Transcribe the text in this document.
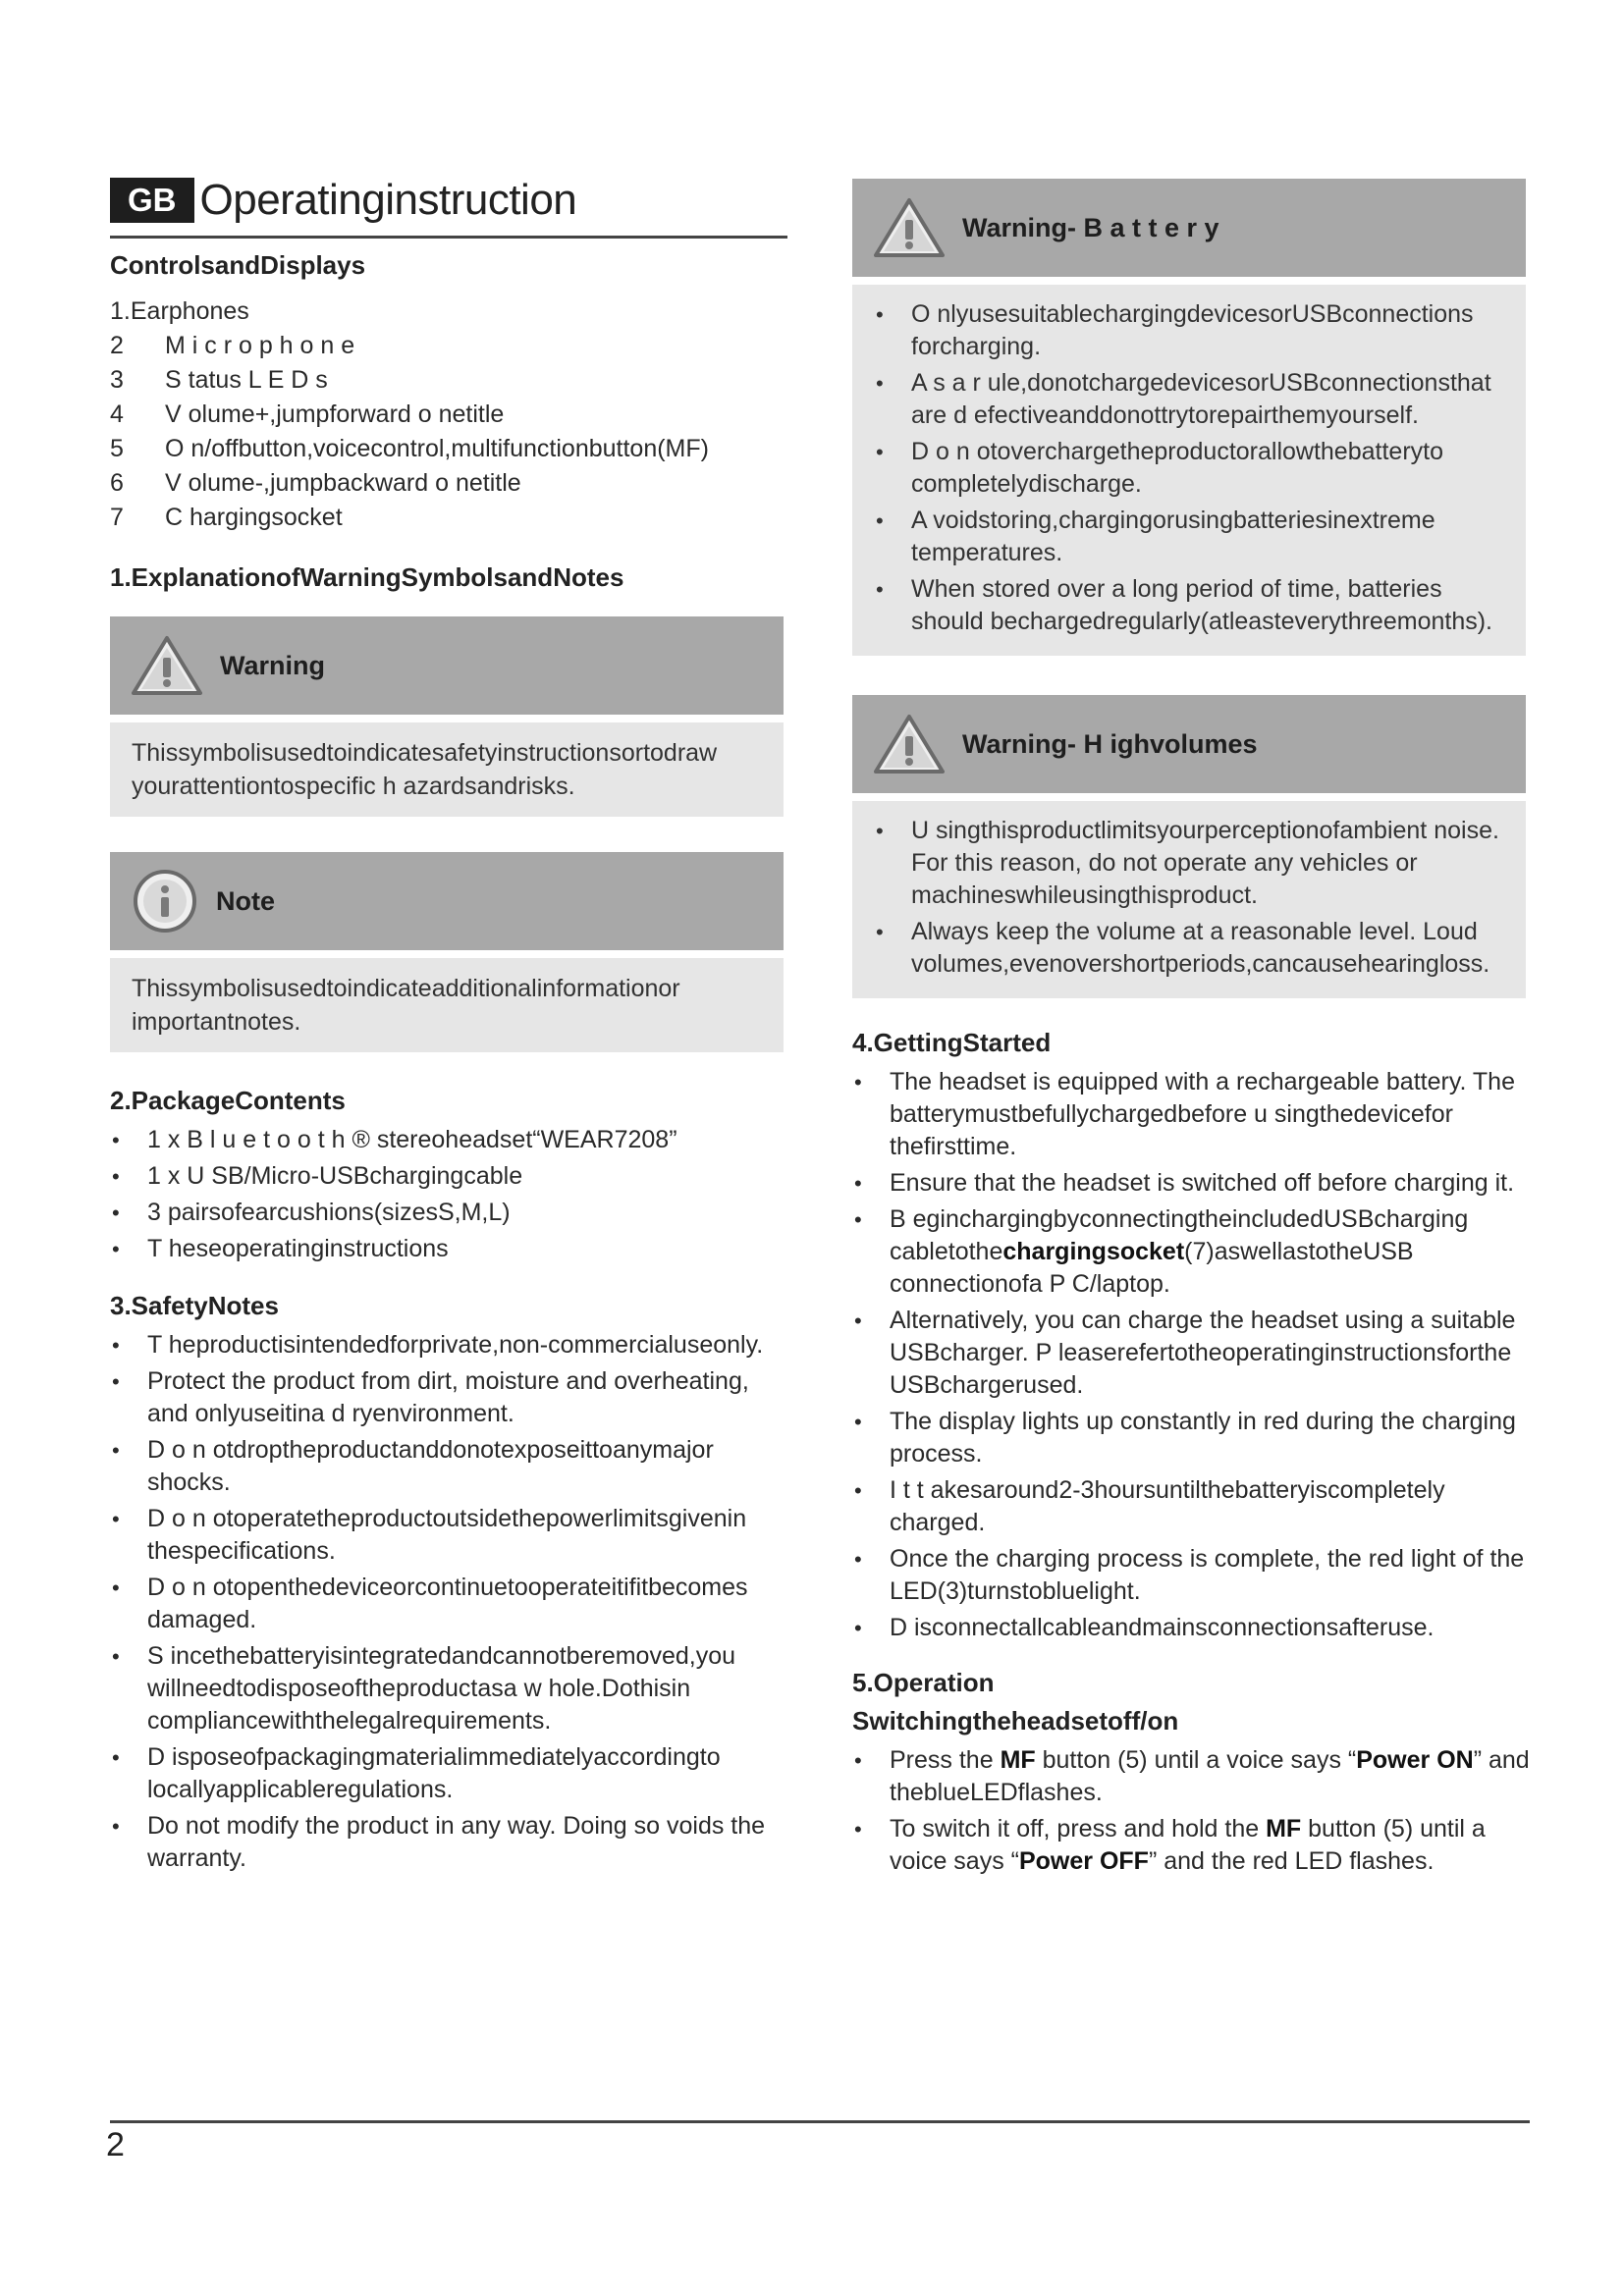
GB Operatinginstruction
ControlsandDisplays
1. Earphones
2	M i c r o p h o n e
3	S tatus L E D s
4	V olume+,jumpforward o netitle
5	O n/offbutton,voicecontrol,multifunctionbutton(MF)
6	V olume-,jumpbackward o netitle
7	C hargingsocket
1.ExplanationofWarningSymbolsandNotes
Warning
Thissymbolisusedtoindicatesafetyinstructionsortodraw yourattentiontospecific h azardsandrisks.
Note
Thissymbolisusedtoindicateadditionalinformationor importantnotes.
2.PackageContents
• 1 x B l u e t o o t h ® stereoheadset“WEAR7208”
• 1 x U SB/Micro-USBchargingcable
• 3 pairsofearcushions(sizesS,M,L)
• T heseoperatinginstructions
3.SafetyNotes
• T heproductisintendedforprivate,non-commercialuseonly.
• Protect the product from dirt, moisture and overheating, and onlyuseitina d ryenvironment.
• D o n otdroptheproductanddonotexposeittoanymajor shocks.
• D o n otoperatetheproductoutsidethepowerlimitsgivenin thespecifications.
• D o n otopenthedeviceorcontinuetooperateitifitbecomes damaged.
• S incethebatteryisintegratedandcannotberemoved,you willneedtodisposeoftheproductasa w hole.Dothisin compliancewiththelegalrequirements.
• D isposeofpackagingmaterialimmediatelyaccordingto locallyapplicableregulations.
• Do not modify the product in any way. Doing so voids the warranty.
Warning- B a t t e r y
• O nlyusesuitablechargingdevicesorUSBconnections forcharging.
• A s a r ule,donotchargedevicesorUSBconnectionsthat are d efectiveanddonottrytorepairthemyourself.
• D o n otoverchargetheproductorallowthebatteryto completelydischarge.
• A voidstoring,chargingorusingbatteriesinextreme temperatures.
• When stored over a long period of time, batteries should bechargedregularly(atleasteverythreemonths).
Warning- H ighvolumes
• U singthisproductlimitsyourperceptionofambient noise. For this reason, do not operate any vehicles or machineswhileusingthisproduct.
• Always keep the volume at a reasonable level. Loud volumes,evenovershortperiods,cancausehearingloss.
4.GettingStarted
• The headset is equipped with a rechargeable battery. The batterymustbefullychargedbefore u singthedevicefor thefirsttime.
• Ensure that the headset is switched off before charging it.
• B eginchargingbyconnectingtheincludedUSBcharging cabletothechargingsocket(7)aswellastotheUSB connectionofa P C/laptop.
• Alternatively, you can charge the headset using a suitable USBcharger. P leaserefertotheoperatinginstructionsforthe USBchargerused.
• The display lights up constantly in red during the charging process.
• I t t akesaround2-3hoursuntilthebatteryiscompletely charged.
• Once the charging process is complete, the red light of the LED(3)turnstobluelight.
• D isconnectallcableandmainsconnectionsafteruse.
5.Operation
Switchingtheheadsetoff/on
• Press the MF button (5) until a voice says “Power ON” and theblueLEDflashes.
• To switch it off, press and hold the MF button (5) until a voice says “Power OFF” and the red LED flashes.
2
